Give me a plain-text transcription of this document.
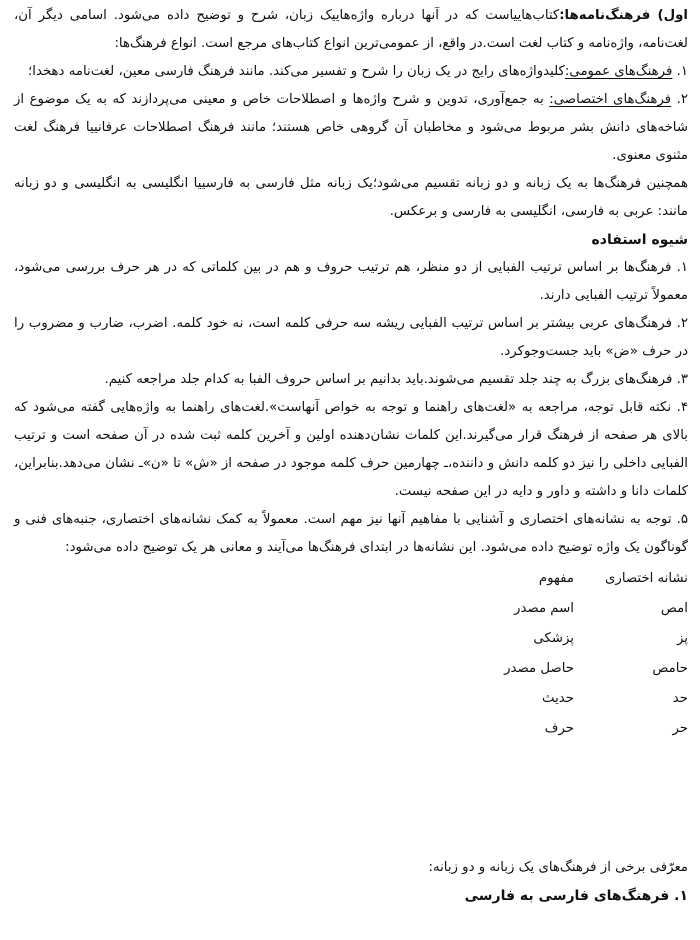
اول) فرهنگ‌نامه‌ها:کتاب‌هاییاست که در آنها درباره واژه‌هاییک زبان، شرح و توضیح داده می‌شود. اسامی دیگر آن، لغت‌نامه، واژه‌نامه و کتاب لغت است.در واقع، از عمومی‌ترین انواع کتاب‌های مرجع است. انواع فرهنگ‌ها:

۱. فرهنگ‌های عمومی:کلیدواژه‌های رایج در یک زبان را شرح و تفسیر می‌کند. مانند فرهنگ فارسی معین، لغت‌نامه دهخدا؛

۲. فرهنگ‌های اختصاصی: به جمع‌آوری، تدوین و شرح واژه‌ها و اصطلاحات خاص و معینی می‌پردازند که به یک موضوع از شاخه‌های دانش بشر مربوط می‌شود و مخاطبان آن گروهی خاص هستند؛ مانند فرهنگ اصطلاحات عرفانییا فرهنگ لغت مثنوی معنوی.

همچنین فرهنگ‌ها به یک زبانه و دو زبانه تقسیم می‌شود؛یک زبانه مثل فارسی به فارسییا انگلیسی به انگلیسی و دو زبانه مانند: عربی به فارسی، انگلیسی به فارسی و برعکس.

شیوه استفاده

۱. فرهنگ‌ها بر اساس ترتیب الفبایی از دو منظر، هم ترتیب حروف و هم در بین کلماتی که در هر حرف بررسی می‌شود، معمولاً ترتیب الفبایی دارند.

۲. فرهنگ‌های عربی بیشتر بر اساس ترتیب الفبایی ریشه سه حرفی کلمه است، نه خود کلمه. اضرب، ضارب و مضروب را در حرف «ض» باید جست‌وجوکرد.

۳. فرهنگ‌های بزرگ به چند جلد تقسیم می‌شوند.باید بدانیم بر اساس حروف الفبا به کدام جلد مراجعه کنیم.

۴. نکته قابل توجه، مراجعه به «لغت‌های راهنما و توجه به خواص آنهاست».لغت‌های راهنما به واژه‌هایی گفته می‌شود که بالای هر صفحه از فرهنگ قرار می‌گیرند.این کلمات نشان‌دهنده اولین و آخرین کلمه ثبت شده در آن صفحه است و ترتیب الفبایی داخلی را نیز دو کلمه دانش و داننده،ـ چهارمین حرف کلمه موجود در صفحه از «ش» تا «ن»ـ نشان می‌دهد.بنابراین، کلمات دانا و داشته و داور و دایه در این صفحه نیست.

۵. توجه به نشانه‌های اختصاری و آشنایی با مفاهیم آنها نیز مهم است. معمولاً به کمک نشانه‌های اختصاری، جنبه‌های فنی و گوناگون یک واژه توضیح داده می‌شود. این نشانه‌ها در ابتدای فرهنگ‌ها می‌آیند و معانی هر یک توضیح داده می‌شود:

نشانه اختصاری	مفهوم
امص	اسم مصدر
پز	پزشکی
حامص	حاصل مصدر
حد	حدیث
حر	حرف

معرّفی برخی از فرهنگ‌های یک زبانه و دو زبانه:

۱. فرهنگ‌های فارسی به فارسی
